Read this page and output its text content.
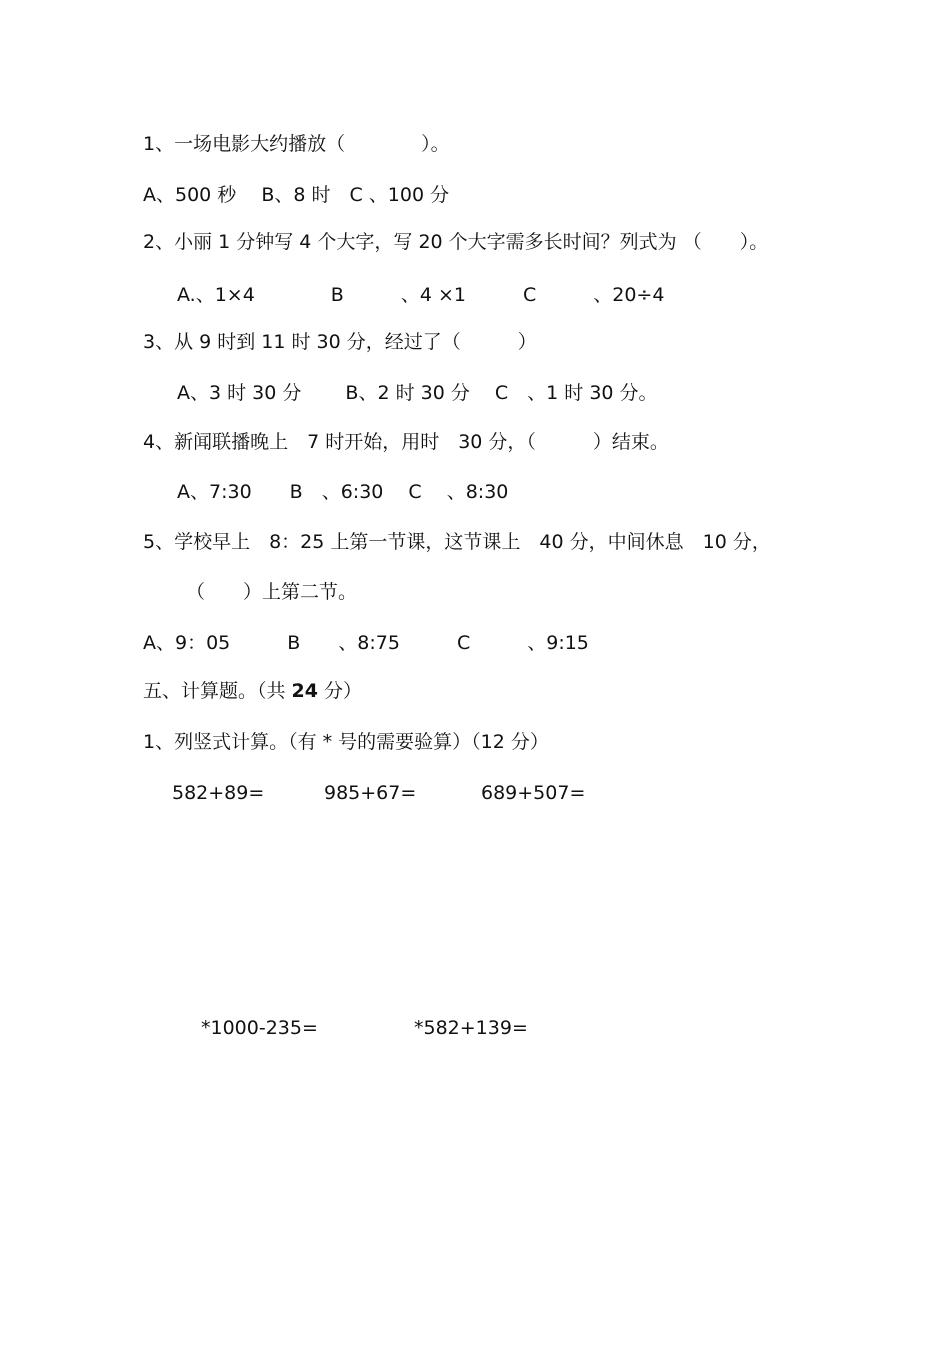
1、一场电影大约播放（　　　　）。

A、500 秒　 B、8 时　C 、100 分

2、小丽 1 分钟写 4 个大字，写 20 个大字需多长时间？列式为 （　　）。

A.、1×4　　　　B　　　、4 ×1　　　C　　　、20÷4

3、从 9 时到 11 时 30 分，经过了（　　　）

A、3 时 30 分　　 B、2 时 30 分　 C　、1 时 30 分。

4、新闻联播晚上　7 时开始，用时　30 分，（　　　）结束。

A、7:30　　B　、6:30　 C　 、8:30

5、学校早上　8：25 上第一节课，这节课上　40 分，中间休息　10 分，

（　　）上第二节。

A、9：05　　　B　　、8:75　　　C　　　、9:15

五、计算题。（共 24 分）

1、列竖式计算。（有 * 号的需要验算）（12 分）

582+89=	985+67=	689+507=
*1000-235=	*582+139=
